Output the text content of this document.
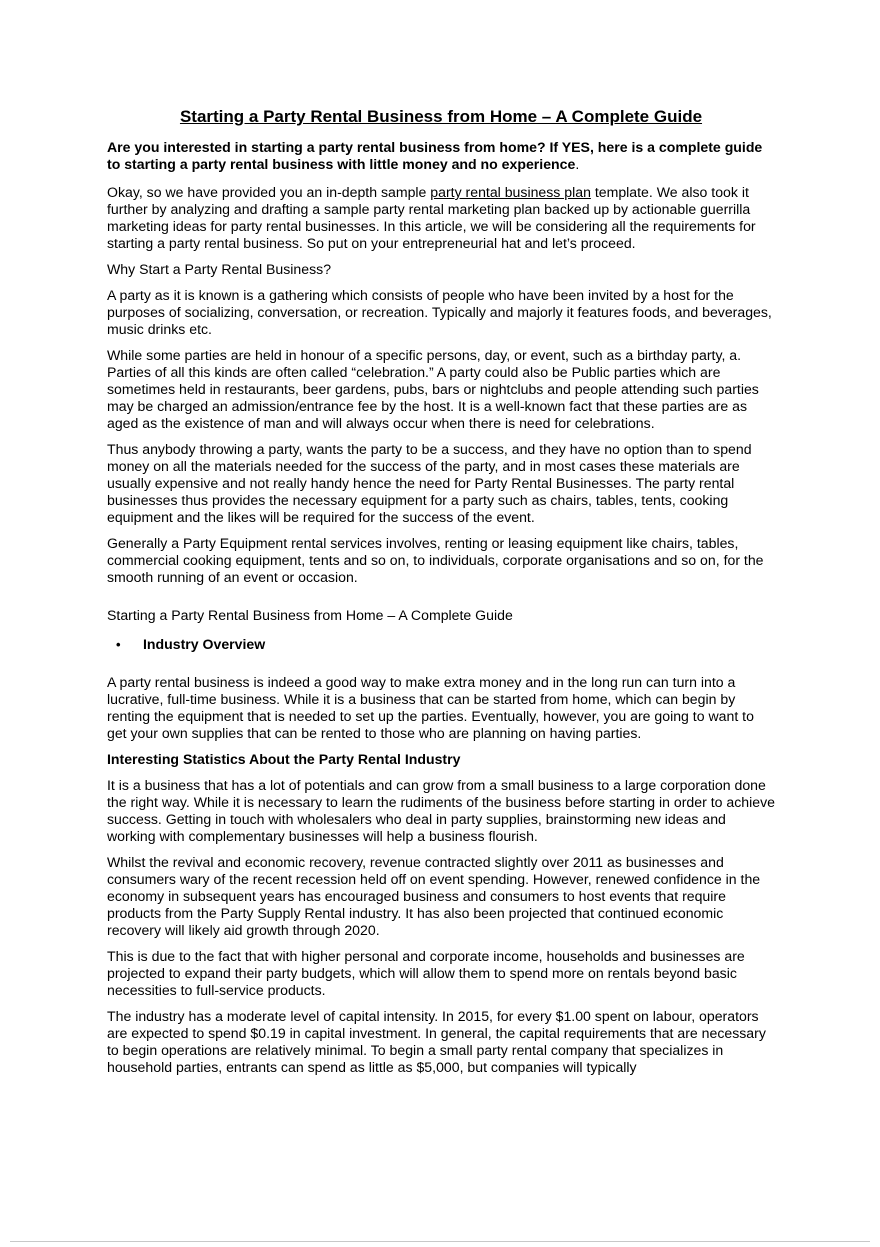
Starting a Party Rental Business from Home – A Complete Guide

Are you interested in starting a party rental business from home? If YES, here is a complete guide to starting a party rental business with little money and no experience.

Okay, so we have provided you an in-depth sample party rental business plan template. We also took it further by analyzing and drafting a sample party rental marketing plan backed up by actionable guerrilla marketing ideas for party rental businesses. In this article, we will be considering all the requirements for starting a party rental business. So put on your entrepreneurial hat and let’s proceed.

Why Start a Party Rental Business?

A party as it is known is a gathering which consists of people who have been invited by a host for the purposes of socializing, conversation, or recreation. Typically and majorly it features foods, and beverages, music drinks etc.

While some parties are held in honour of a specific persons, day, or event, such as a birthday party, a. Parties of all this kinds are often called “celebration.” A party could also be Public parties which are sometimes held in restaurants, beer gardens, pubs, bars or nightclubs and people attending such parties may be charged an admission/entrance fee by the host. It is a well-known fact that these parties are as aged as the existence of man and will always occur when there is need for celebrations.

Thus anybody throwing a party, wants the party to be a success, and they have no option than to spend money on all the materials needed for the success of the party, and in most cases these materials are usually expensive and not really handy hence the need for Party Rental Businesses. The party rental businesses thus provides the necessary equipment for a party such as chairs, tables, tents, cooking equipment and the likes will be required for the success of the event.

Generally a Party Equipment rental services involves, renting or leasing equipment like chairs, tables, commercial cooking equipment, tents and so on, to individuals, corporate organisations and so on, for the smooth running of an event or occasion.

Starting a Party Rental Business from Home – A Complete Guide

•	Industry Overview

A party rental business is indeed a good way to make extra money and in the long run can turn into a lucrative, full-time business. While it is a business that can be started from home, which can begin by renting the equipment that is needed to set up the parties. Eventually, however, you are going to want to get your own supplies that can be rented to those who are planning on having parties.

Interesting Statistics About the Party Rental Industry

It is a business that has a lot of potentials and can grow from a small business to a large corporation done the right way. While it is necessary to learn the rudiments of the business before starting in order to achieve success. Getting in touch with wholesalers who deal in party supplies, brainstorming new ideas and working with complementary businesses will help a business flourish.

Whilst the revival and economic recovery, revenue contracted slightly over 2011 as businesses and consumers wary of the recent recession held off on event spending. However, renewed confidence in the economy in subsequent years has encouraged business and consumers to host events that require products from the Party Supply Rental industry. It has also been projected that continued economic recovery will likely aid growth through 2020.

This is due to the fact that with higher personal and corporate income, households and businesses are projected to expand their party budgets, which will allow them to spend more on rentals beyond basic necessities to full-service products.

The industry has a moderate level of capital intensity. In 2015, for every $1.00 spent on labour, operators are expected to spend $0.19 in capital investment. In general, the capital requirements that are necessary to begin operations are relatively minimal. To begin a small party rental company that specializes in household parties, entrants can spend as little as $5,000, but companies will typically
